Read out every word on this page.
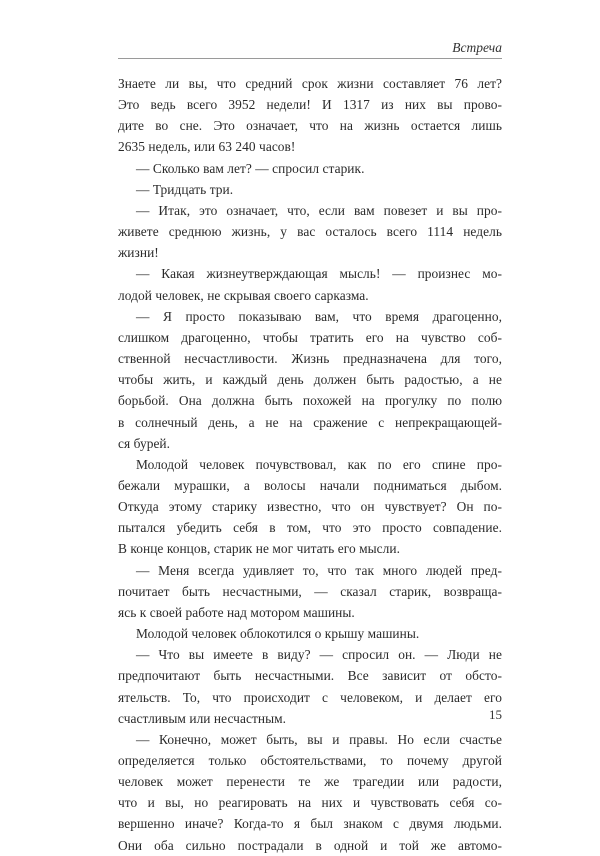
Встреча
Знаете ли вы, что средний срок жизни составляет 76 лет?
Это ведь всего 3952 недели! И 1317 из них вы прово-
дите во сне. Это означает, что на жизнь остается лишь
2635 недель, или 63 240 часов!
— Сколько вам лет? — спросил старик.
— Тридцать три.
— Итак, это означает, что, если вам повезет и вы про-
живете среднюю жизнь, у вас осталось всего 1114 недель
жизни!
— Какая жизнеутверждающая мысль! — произнес мо-
лодой человек, не скрывая своего сарказма.
— Я просто показываю вам, что время драгоценно,
слишком драгоценно, чтобы тратить его на чувство соб-
ственной несчастливости. Жизнь предназначена для того,
чтобы жить, и каждый день должен быть радостью, а не
борьбой. Она должна быть похожей на прогулку по полю
в солнечный день, а не на сражение с непрекращающей-
ся бурей.
Молодой человек почувствовал, как по его спине про-
бежали мурашки, а волосы начали подниматься дыбом.
Откуда этому старику известно, что он чувствует? Он по-
пытался убедить себя в том, что это просто совпадение.
В конце концов, старик не мог читать его мысли.
— Меня всегда удивляет то, что так много людей пред-
почитает быть несчастными, — сказал старик, возвраща-
ясь к своей работе над мотором машины.
Молодой человек облокотился о крышу машины.
— Что вы имеете в виду? — спросил он. — Люди не
предпочитают быть несчастными. Все зависит от обсто-
ятельств. То, что происходит с человеком, и делает его
счастливым или несчастным.
— Конечно, может быть, вы и правы. Но если счастье
определяется только обстоятельствами, то почему другой
человек может перенести те же трагедии или радости,
что и вы, но реагировать на них и чувствовать себя со-
вершенно иначе? Когда-то я был знаком с двумя людьми.
Они оба сильно пострадали в одной и той же автомо-
15
